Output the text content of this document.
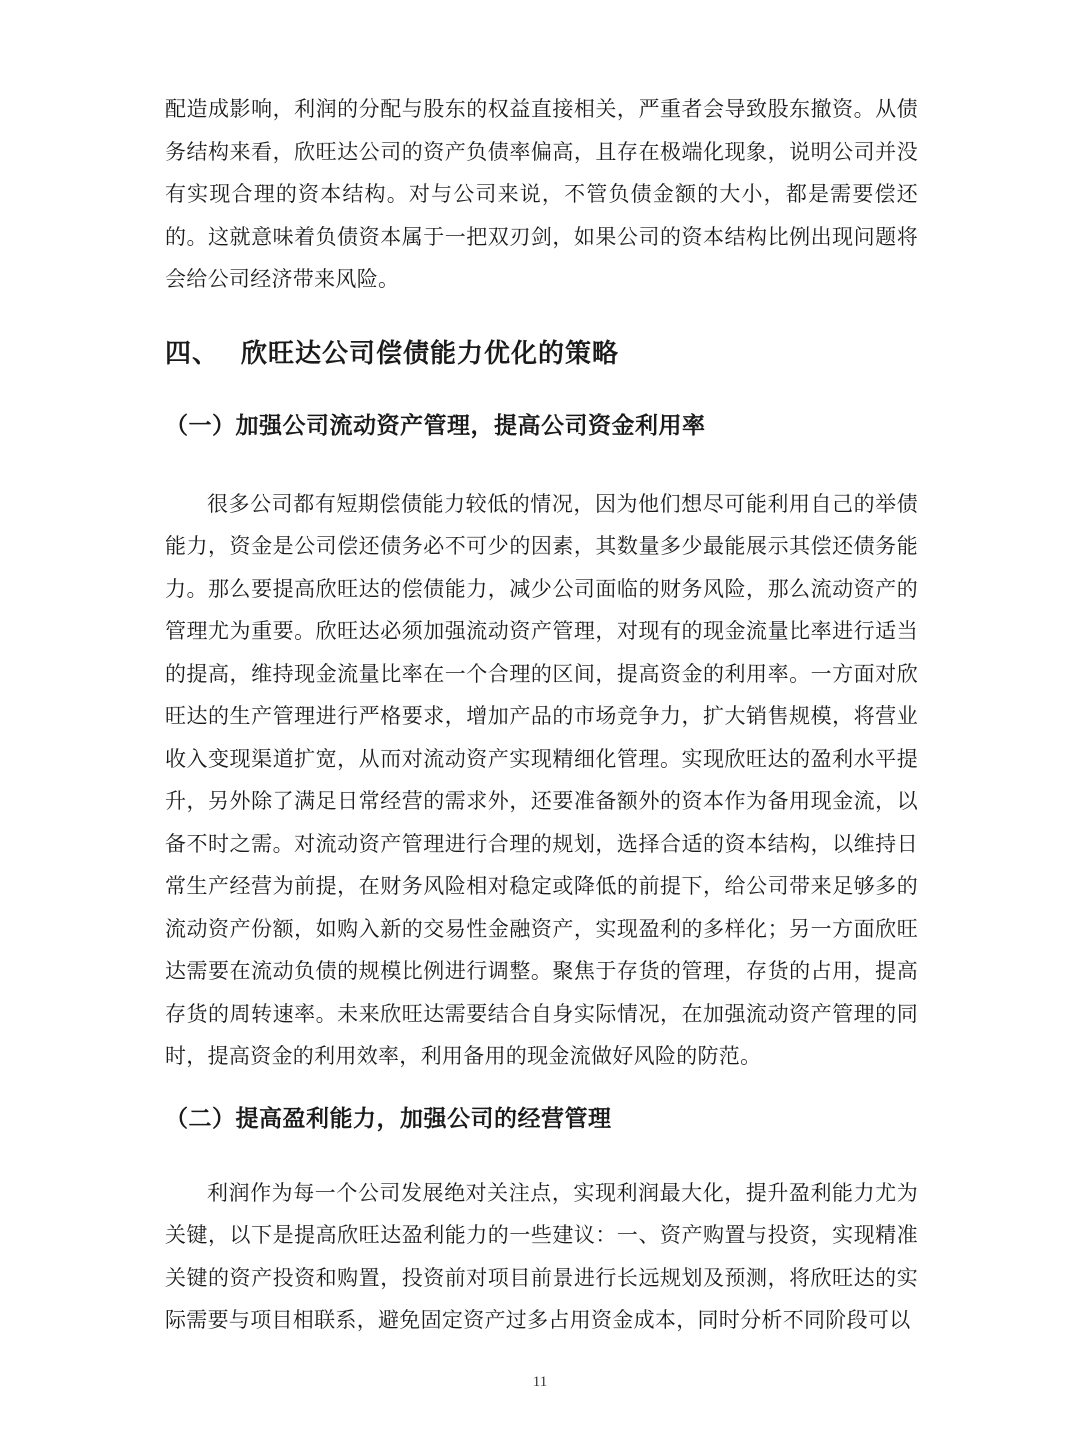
配造成影响，利润的分配与股东的权益直接相关，严重者会导致股东撤资。从债务结构来看，欣旺达公司的资产负债率偏高，且存在极端化现象，说明公司并没有实现合理的资本结构。对与公司来说，不管负债金额的大小，都是需要偿还的。这就意味着负债资本属于一把双刃剑，如果公司的资本结构比例出现问题将会给公司经济带来风险。

四、 欣旺达公司偿债能力优化的策略
（一）加强公司流动资产管理，提高公司资金利用率

很多公司都有短期偿债能力较低的情况，因为他们想尽可能利用自己的举债能力，资金是公司偿还债务必不可少的因素，其数量多少最能展示其偿还债务能力。那么要提高欣旺达的偿债能力，减少公司面临的财务风险，那么流动资产的管理尤为重要。欣旺达必须加强流动资产管理，对现有的现金流量比率进行适当的提高，维持现金流量比率在一个合理的区间，提高资金的利用率。一方面对欣旺达的生产管理进行严格要求，增加产品的市场竞争力，扩大销售规模，将营业收入变现渠道扩宽，从而对流动资产实现精细化管理。实现欣旺达的盈利水平提升，另外除了满足日常经营的需求外，还要准备额外的资本作为备用现金流，以备不时之需。对流动资产管理进行合理的规划，选择合适的资本结构，以维持日常生产经营为前提，在财务风险相对稳定或降低的前提下，给公司带来足够多的流动资产份额，如购入新的交易性金融资产，实现盈利的多样化；另一方面欣旺达需要在流动负债的规模比例进行调整。聚焦于存货的管理，存货的占用，提高存货的周转速率。未来欣旺达需要结合自身实际情况，在加强流动资产管理的同时，提高资金的利用效率，利用备用的现金流做好风险的防范。

（二）提高盈利能力，加强公司的经营管理

利润作为每一个公司发展绝对关注点，实现利润最大化，提升盈利能力尤为关键，以下是提高欣旺达盈利能力的一些建议：一、资产购置与投资，实现精准关键的资产投资和购置，投资前对项目前景进行长远规划及预测，将欣旺达的实际需要与项目相联系，避免固定资产过多占用资金成本，同时分析不同阶段可以

11
